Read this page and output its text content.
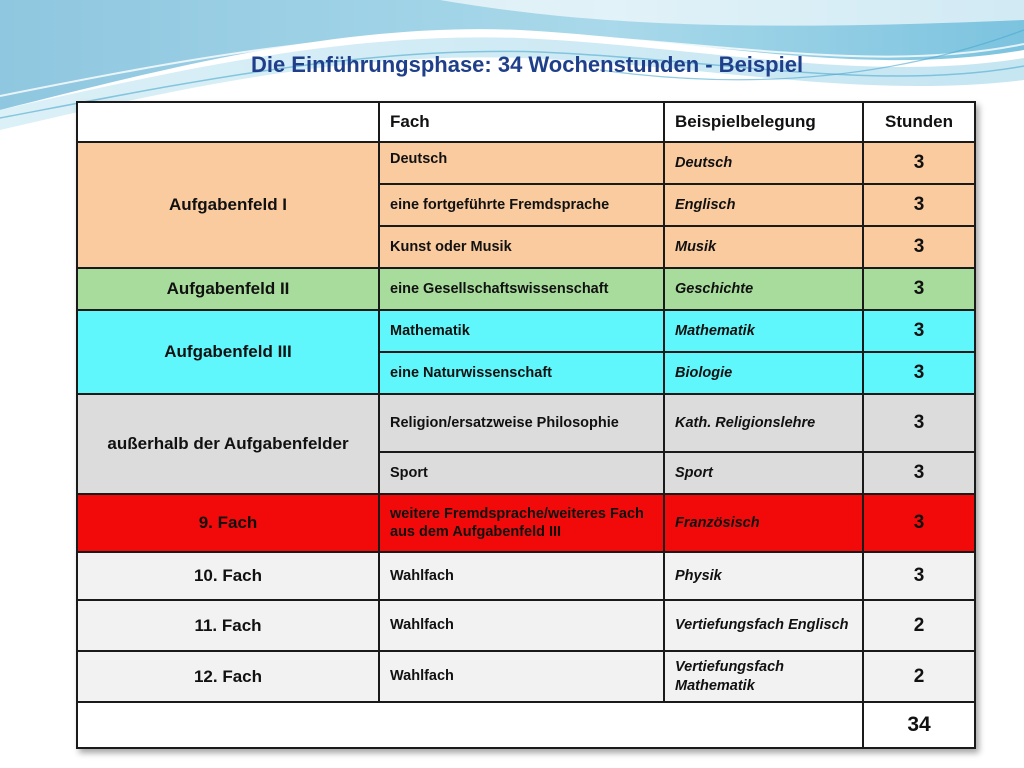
Die Einführungsphase: 34 Wochenstunden - Beispiel
	Fach	Beispielbelegung	Stunden
Aufgabenfeld I	Deutsch	Deutsch	3
	eine fortgeführte Fremdsprache	Englisch	3
	Kunst oder Musik	Musik	3
Aufgabenfeld II	eine Gesellschaftswissenschaft	Geschichte	3
Aufgabenfeld III	Mathematik	Mathematik	3
	eine Naturwissenschaft	Biologie	3
außerhalb der Aufgabenfelder	Religion/ersatzweise Philosophie	Kath. Religionslehre	3
	Sport	Sport	3
9. Fach	weitere Fremdsprache/weiteres Fach aus dem Aufgabenfeld III	Französisch	3
10. Fach	Wahlfach	Physik	3
11. Fach	Wahlfach	Vertiefungsfach Englisch	2
12. Fach	Wahlfach	Vertiefungsfach Mathematik	2
			34
